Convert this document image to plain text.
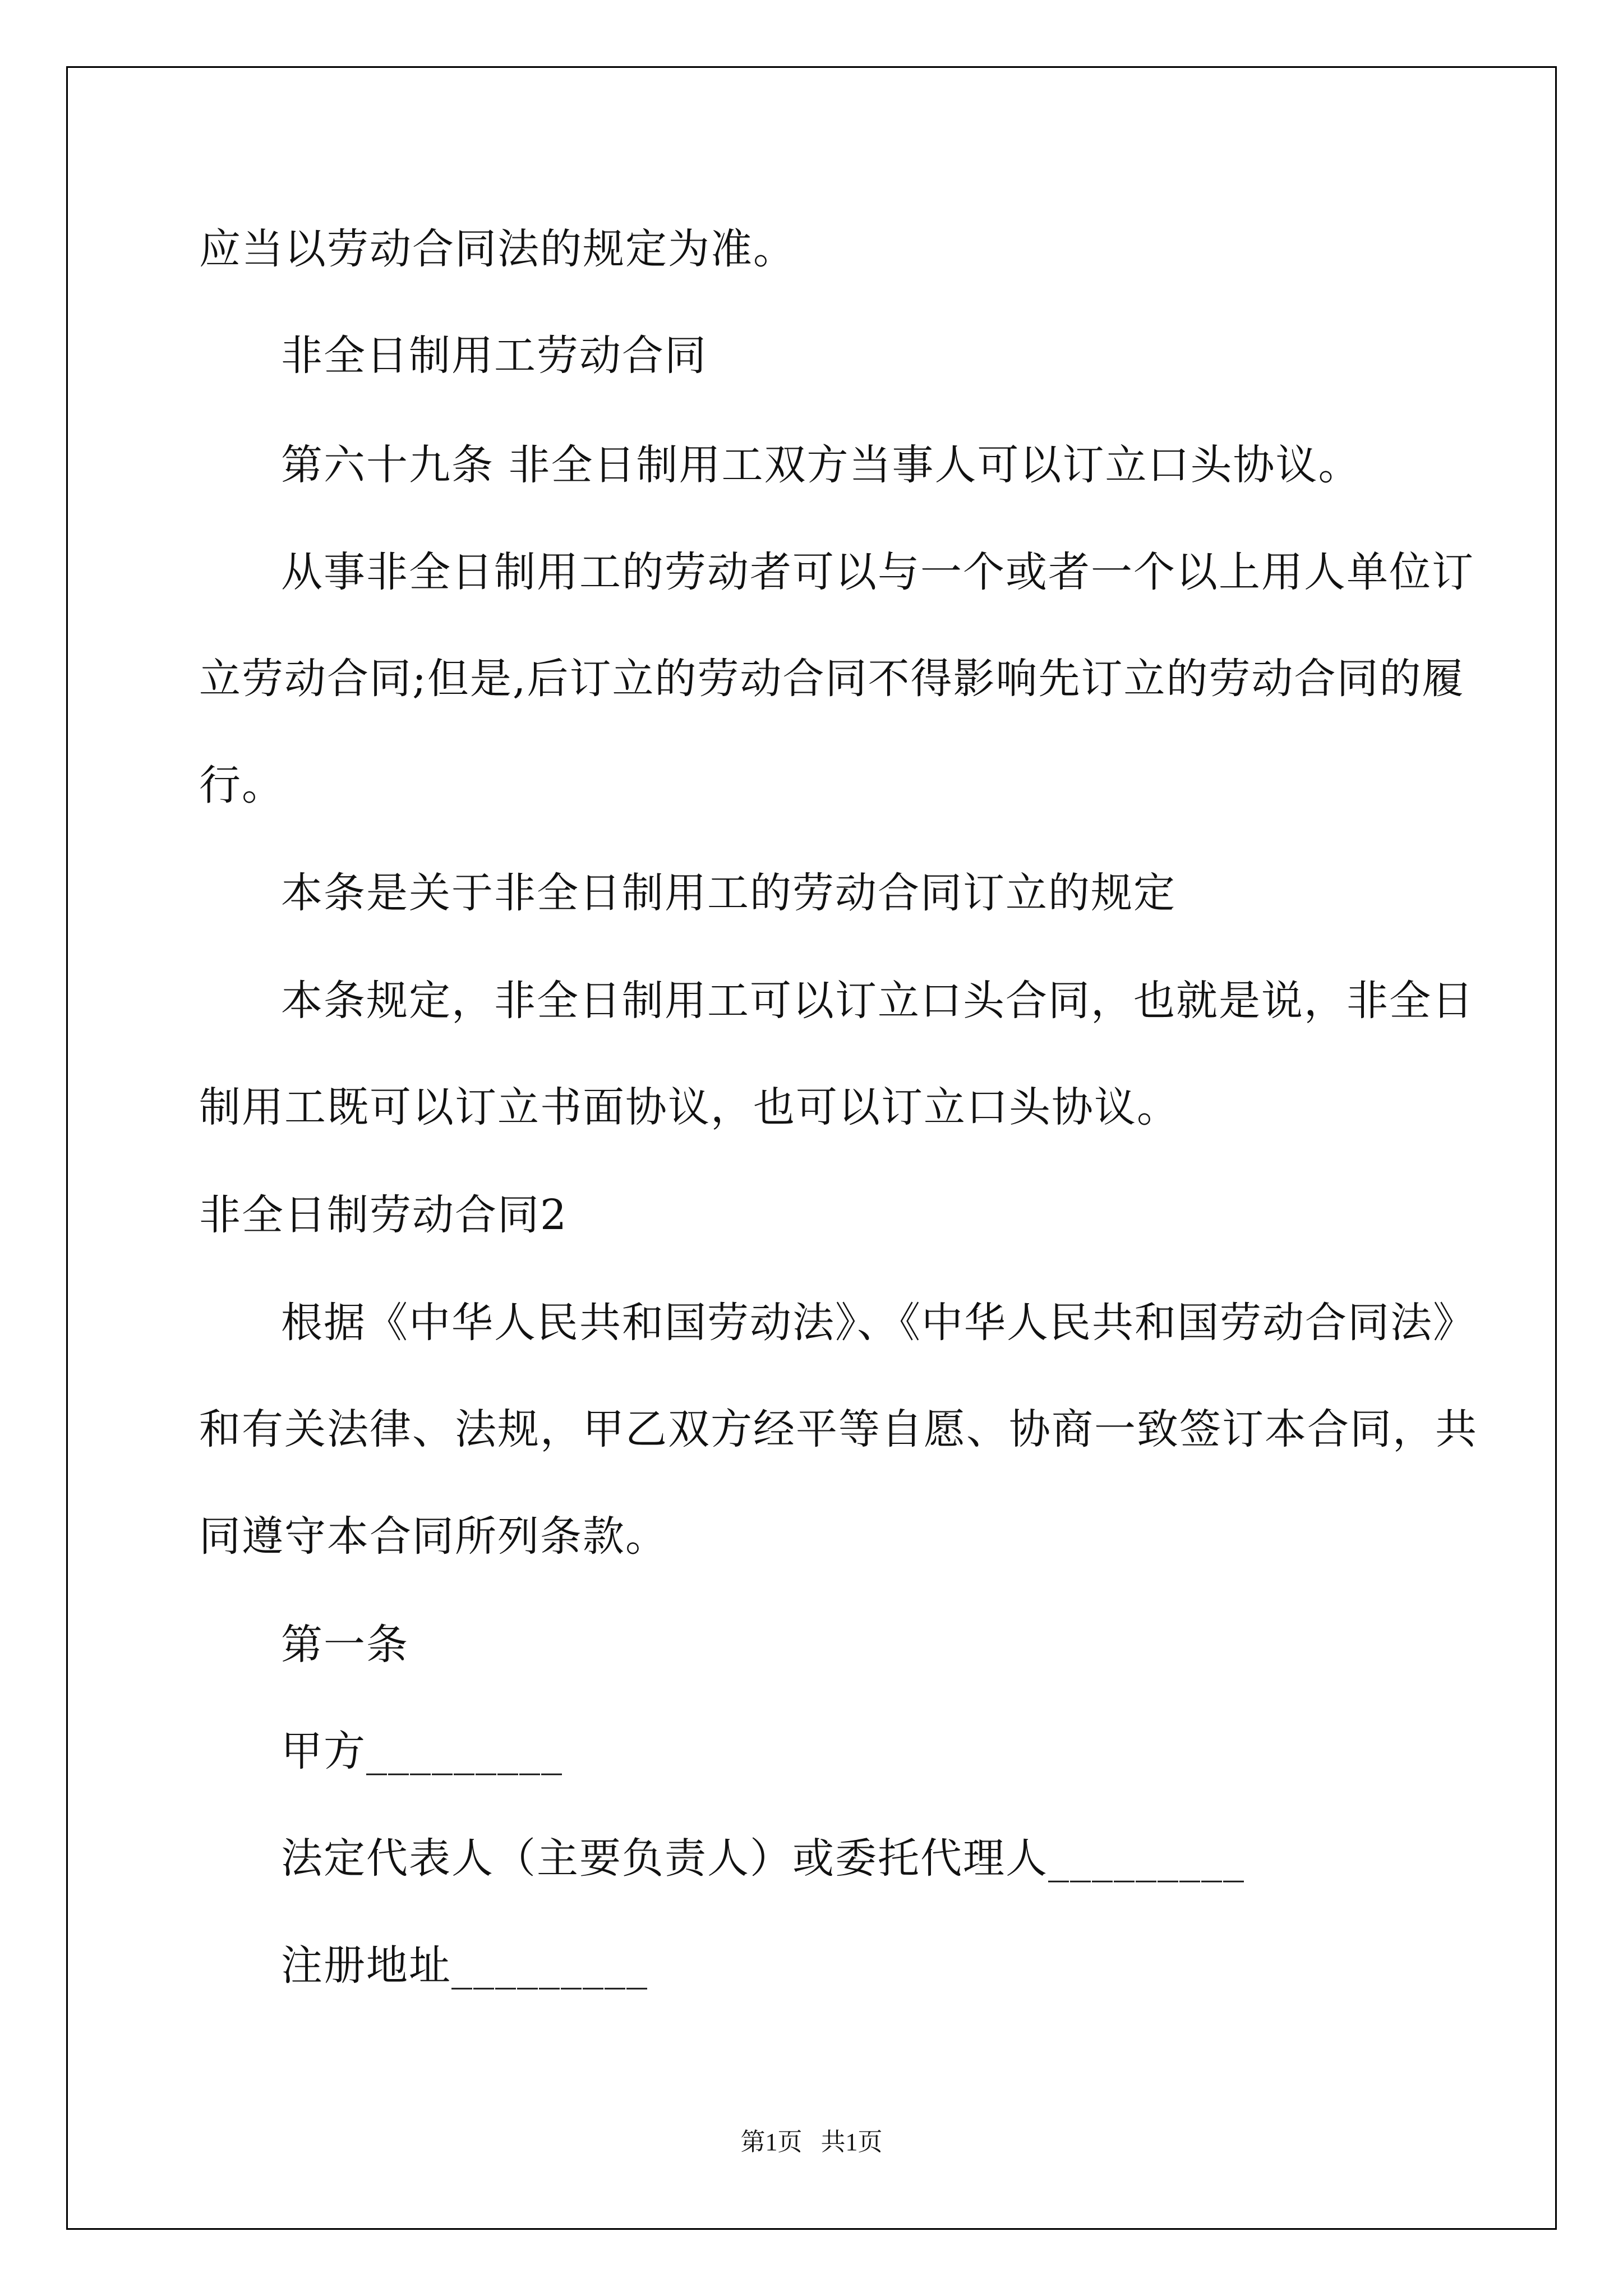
应当以劳动合同法的规定为准。
非全日制用工劳动合同
第六十九条 非全日制用工双方当事人可以订立口头协议。
从事非全日制用工的劳动者可以与一个或者一个以上用人单位订
立劳动合同;但是,后订立的劳动合同不得影响先订立的劳动合同的履
行。
本条是关于非全日制用工的劳动合同订立的规定
本条规定，非全日制用工可以订立口头合同，也就是说，非全日
制用工既可以订立书面协议，也可以订立口头协议。
非全日制劳动合同2
根据《中华人民共和国劳动法》、《中华人民共和国劳动合同法》
和有关法律、法规，甲乙双方经平等自愿、协商一致签订本合同，共
同遵守本合同所列条款。
第一条
甲方_________
法定代表人（主要负责人）或委托代理人_________
注册地址_________
第1页   共1页
